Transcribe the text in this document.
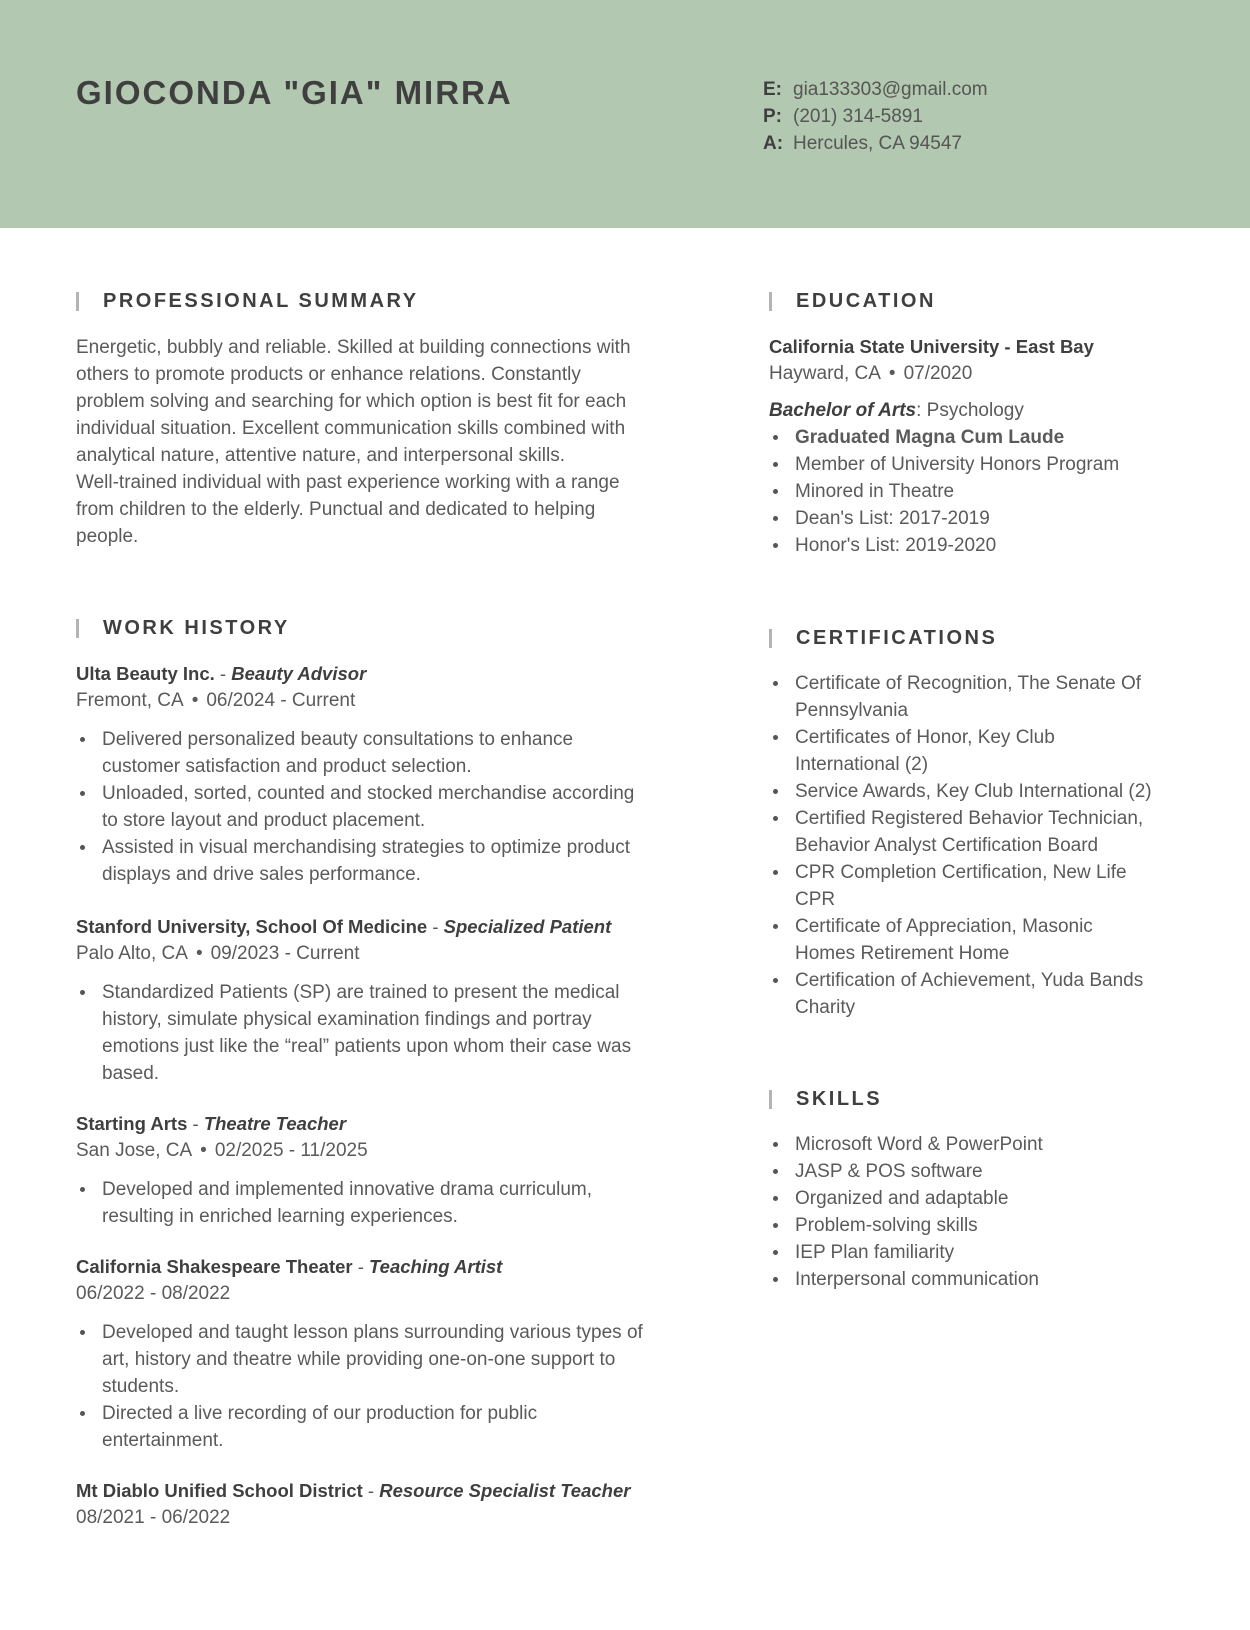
GIOCONDA "GIA" MIRRA	E: gia133303@gmail.com
P: (201) 314-5891
A: Hercules, CA 94547
PROFESSIONAL SUMMARY
Energetic, bubbly and reliable. Skilled at building connections with
others to promote products or enhance relations. Constantly
problem solving and searching for which option is best fit for each
individual situation. Excellent communication skills combined with
analytical nature, attentive nature, and interpersonal skills.
Well-trained individual with past experience working with a range
from children to the elderly. Punctual and dedicated to helping
people.
WORK HISTORY
Ulta Beauty Inc. - Beauty Advisor
Fremont, CA • 06/2024 - Current
Delivered personalized beauty consultations to enhance
customer satisfaction and product selection.
Unloaded, sorted, counted and stocked merchandise according
to store layout and product placement.
Assisted in visual merchandising strategies to optimize product
displays and drive sales performance.
Stanford University, School Of Medicine - Specialized Patient
Palo Alto, CA • 09/2023 - Current
Standardized Patients (SP) are trained to present the medical
history, simulate physical examination findings and portray
emotions just like the “real” patients upon whom their case was
based.
Starting Arts - Theatre Teacher
San Jose, CA • 02/2025 - 11/2025
Developed and implemented innovative drama curriculum,
resulting in enriched learning experiences.
California Shakespeare Theater - Teaching Artist
06/2022 - 08/2022
Developed and taught lesson plans surrounding various types of
art, history and theatre while providing one-on-one support to
students.
Directed a live recording of our production for public
entertainment.
Mt Diablo Unified School District - Resource Specialist Teacher
08/2021 - 06/2022
EDUCATION
California State University - East Bay
Hayward, CA • 07/2020
Bachelor of Arts: Psychology
Graduated Magna Cum Laude
Member of University Honors Program
Minored in Theatre
Dean's List: 2017-2019
Honor's List: 2019-2020
CERTIFICATIONS
Certificate of Recognition, The Senate Of
Pennsylvania
Certificates of Honor, Key Club
International (2)
Service Awards, Key Club International (2)
Certified Registered Behavior Technician,
Behavior Analyst Certification Board
CPR Completion Certification, New Life
CPR
Certificate of Appreciation, Masonic
Homes Retirement Home
Certification of Achievement, Yuda Bands
Charity
SKILLS
Microsoft Word & PowerPoint
JASP & POS software
Organized and adaptable
Problem-solving skills
IEP Plan familiarity
Interpersonal communication
